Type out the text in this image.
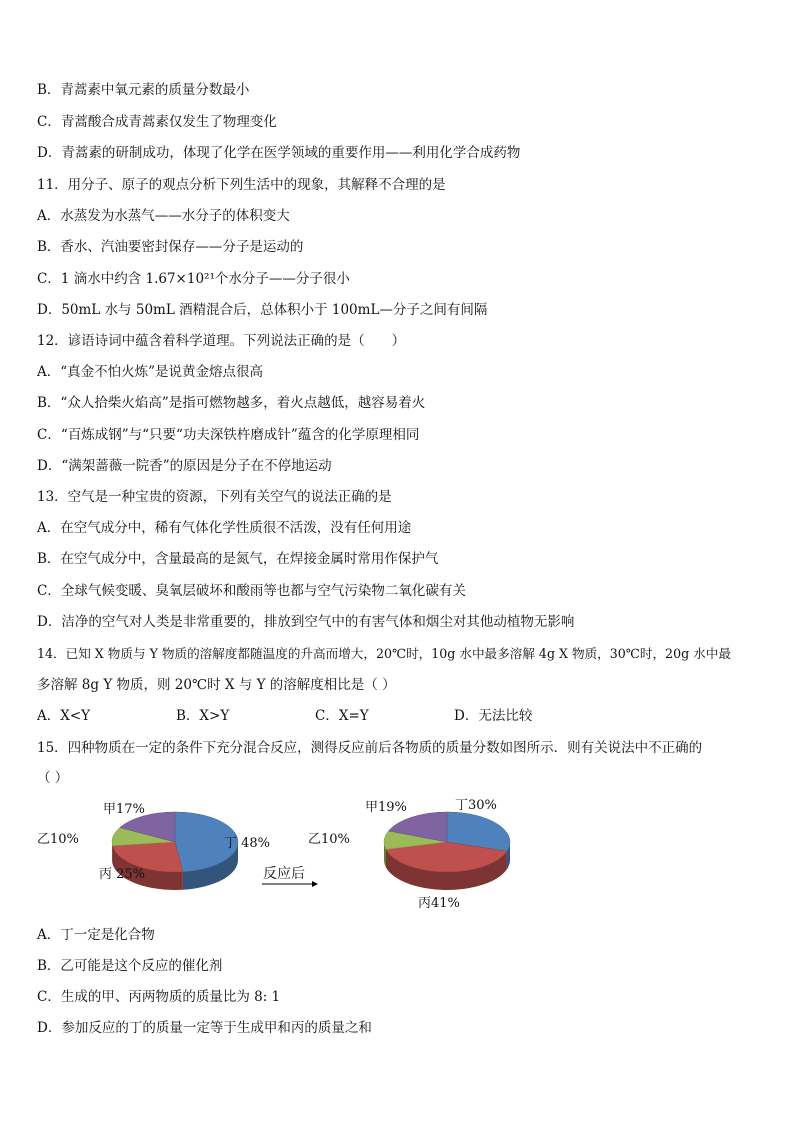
B．青蒿素中氧元素的质量分数最小
C．青蒿酸合成青蒿素仅发生了物理变化
D．青蒿素的研制成功，体现了化学在医学领域的重要作用——利用化学合成药物
11．用分子、原子的观点分析下列生活中的现象，其解释不合理的是
A．水蒸发为水蒸气——水分子的体积变大
B．香水、汽油要密封保存——分子是运动的
C．1 滴水中约含 1.67×10²¹个水分子——分子很小
D．50mL 水与 50mL 酒精混合后，总体积小于 100mL—分子之间有间隔
12．谚语诗词中蕴含着科学道理。下列说法正确的是（　　）
A．“真金不怕火炼”是说黄金熔点很高
B．“众人拾柴火焰高”是指可燃物越多，着火点越低，越容易着火
C．“百炼成钢”与“只要“功夫深铁杵磨成针”蕴含的化学原理相同
D．“满架蔷薇一院香”的原因是分子在不停地运动
13．空气是一种宝贵的资源，下列有关空气的说法正确的是
A．在空气成分中，稀有气体化学性质很不活泼，没有任何用途
B．在空气成分中，含量最高的是氮气，在焊接金属时常用作保护气
C．全球气候变暖、臭氧层破坏和酸雨等也都与空气污染物二氧化碳有关
D．洁净的空气对人类是非常重要的，排放到空气中的有害气体和烟尘对其他动植物无影响
14．已知 X 物质与 Y 物质的溶解度都随温度的升高而增大，20℃时，10g 水中最多溶解 4g X 物质，30℃时，20g 水中最
多溶解 8g Y 物质，则 20℃时 X 与 Y 的溶解度相比是（ ）
A．X<Y	B．X>Y	C．X=Y	D．无法比较
15．四种物质在一定的条件下充分混合反应，测得反应前后各物质的质量分数如图所示．则有关说法中不正确的
（ ）
甲17%
乙10%
丙 25%
丁 48%
反应后
甲19%	丁30%
乙10%
丙41%
A．丁一定是化合物
B．乙可能是这个反应的催化剂
C．生成的甲、丙两物质的质量比为 8: 1
D．参加反应的丁的质量一定等于生成甲和丙的质量之和
